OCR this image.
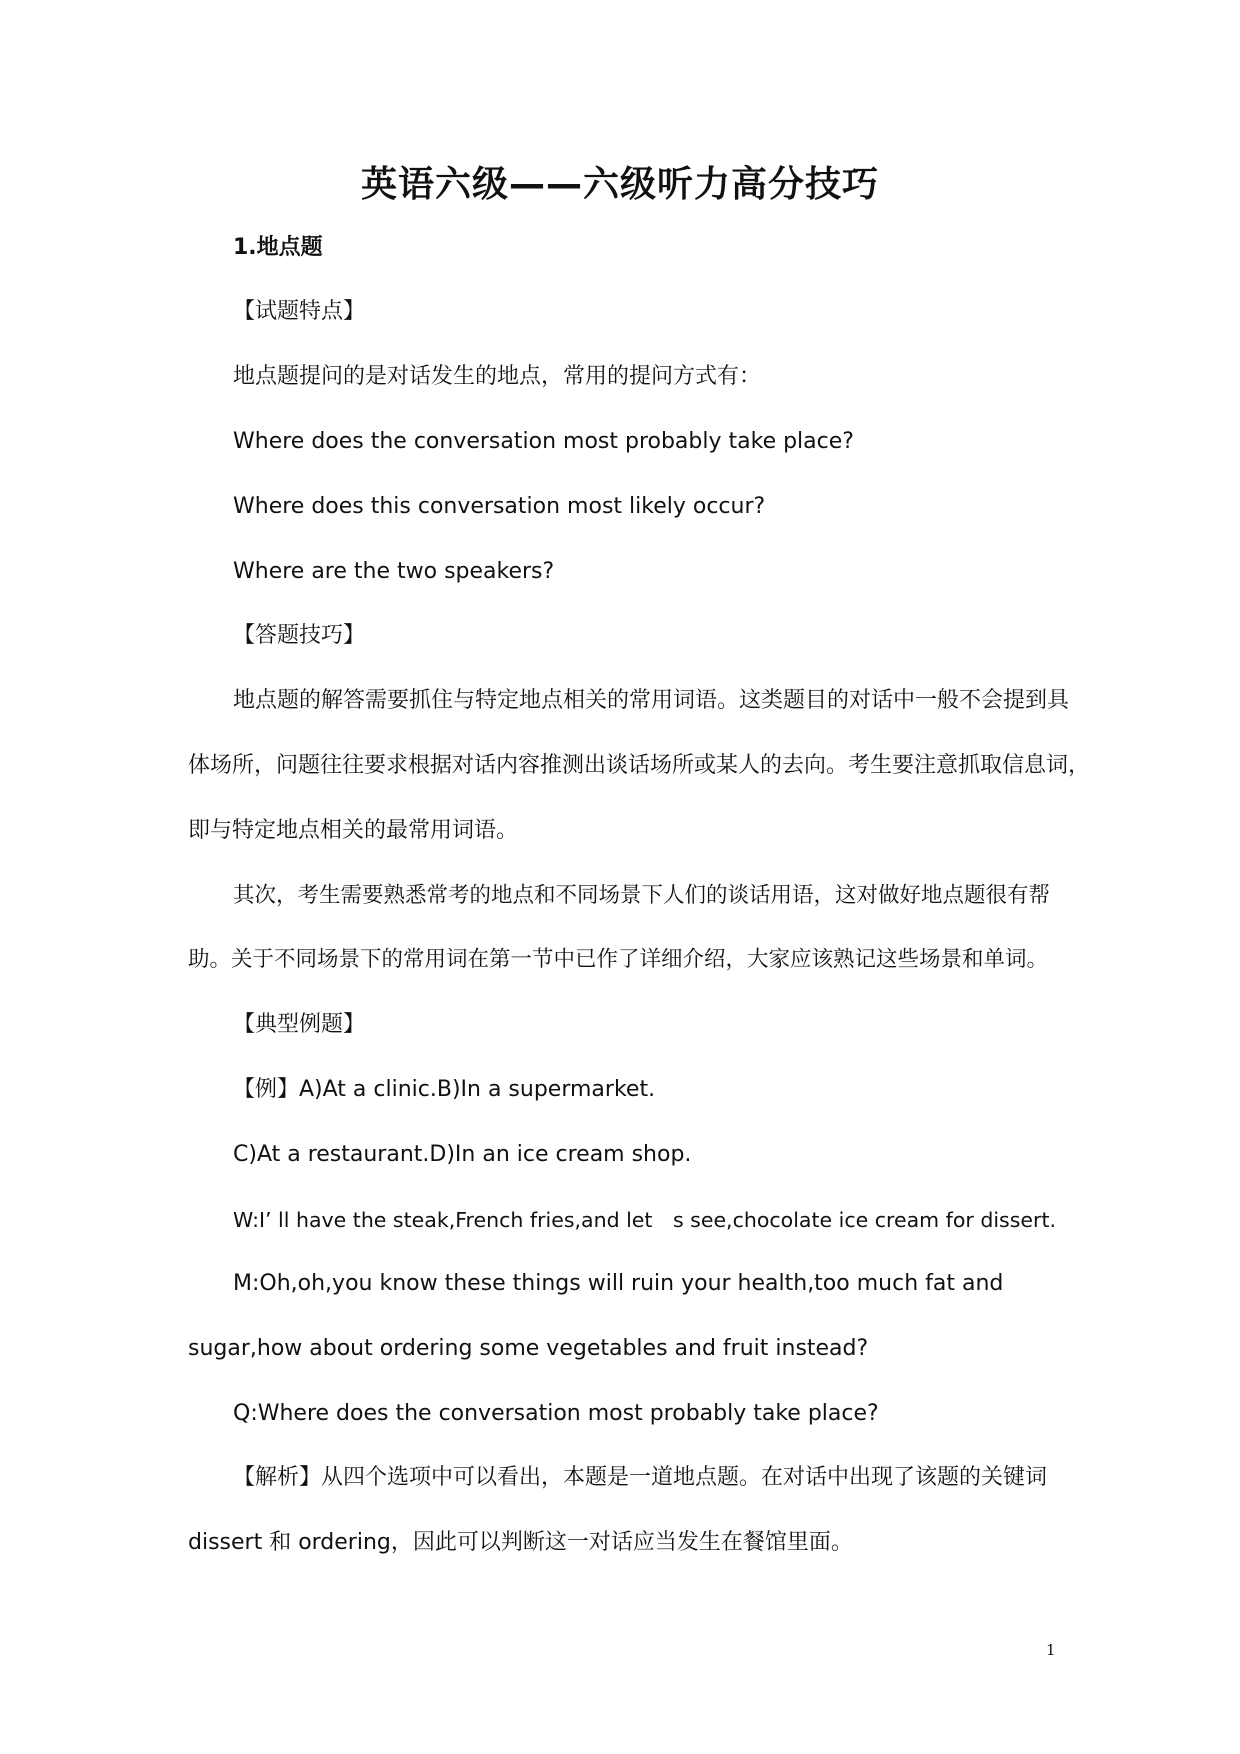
英语六级——六级听力高分技巧
1.地点题
【试题特点】
地点题提问的是对话发生的地点，常用的提问方式有：
Where does the conversation most probably take place?
Where does this conversation most likely occur?
Where are the two speakers?
【答题技巧】
地点题的解答需要抓住与特定地点相关的常用词语。这类题目的对话中一般不会提到具
体场所，问题往往要求根据对话内容推测出谈话场所或某人的去向。考生要注意抓取信息词，
即与特定地点相关的最常用词语。
其次，考生需要熟悉常考的地点和不同场景下人们的谈话用语，这对做好地点题很有帮
助。关于不同场景下的常用词在第一节中已作了详细介绍，大家应该熟记这些场景和单词。
【典型例题】
【例】A)At a clinic.B)In a supermarket.
C)At a restaurant.D)In an ice cream shop.
W:I’ ll have the steak,French fries,and let　s see,chocolate ice cream for dissert.
M:Oh,oh,you know these things will ruin your health,too much fat and
sugar,how about ordering some vegetables and fruit instead?
Q:Where does the conversation most probably take place?
【解析】从四个选项中可以看出，本题是一道地点题。在对话中出现了该题的关键词
dissert 和 ordering，因此可以判断这一对话应当发生在餐馆里面。
1
